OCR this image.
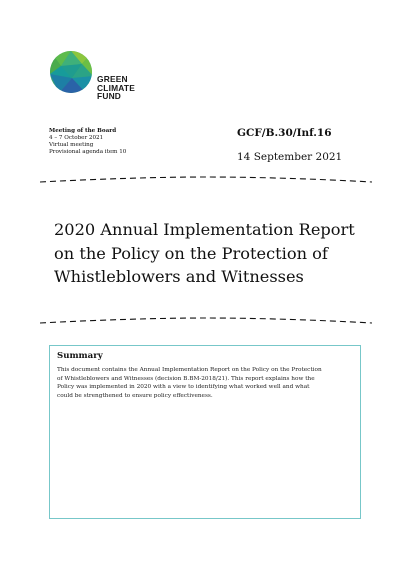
GREEN
CLIMATE
FUND
Meeting of the Board
4 – 7 October 2021
Virtual meeting
Provisional agenda item 10
GCF/B.30/Inf.16
14 September 2021
2020 Annual Implementation Report
on the Policy on the Protection of
Whistleblowers and Witnesses
Summary
This document contains the Annual Implementation Report on the Policy on the Protection
of Whistleblowers and Witnesses (decision B.BM-2018/21). This report explains how the
Policy was implemented in 2020 with a view to identifying what worked well and what
could be strengthened to ensure policy effectiveness.
